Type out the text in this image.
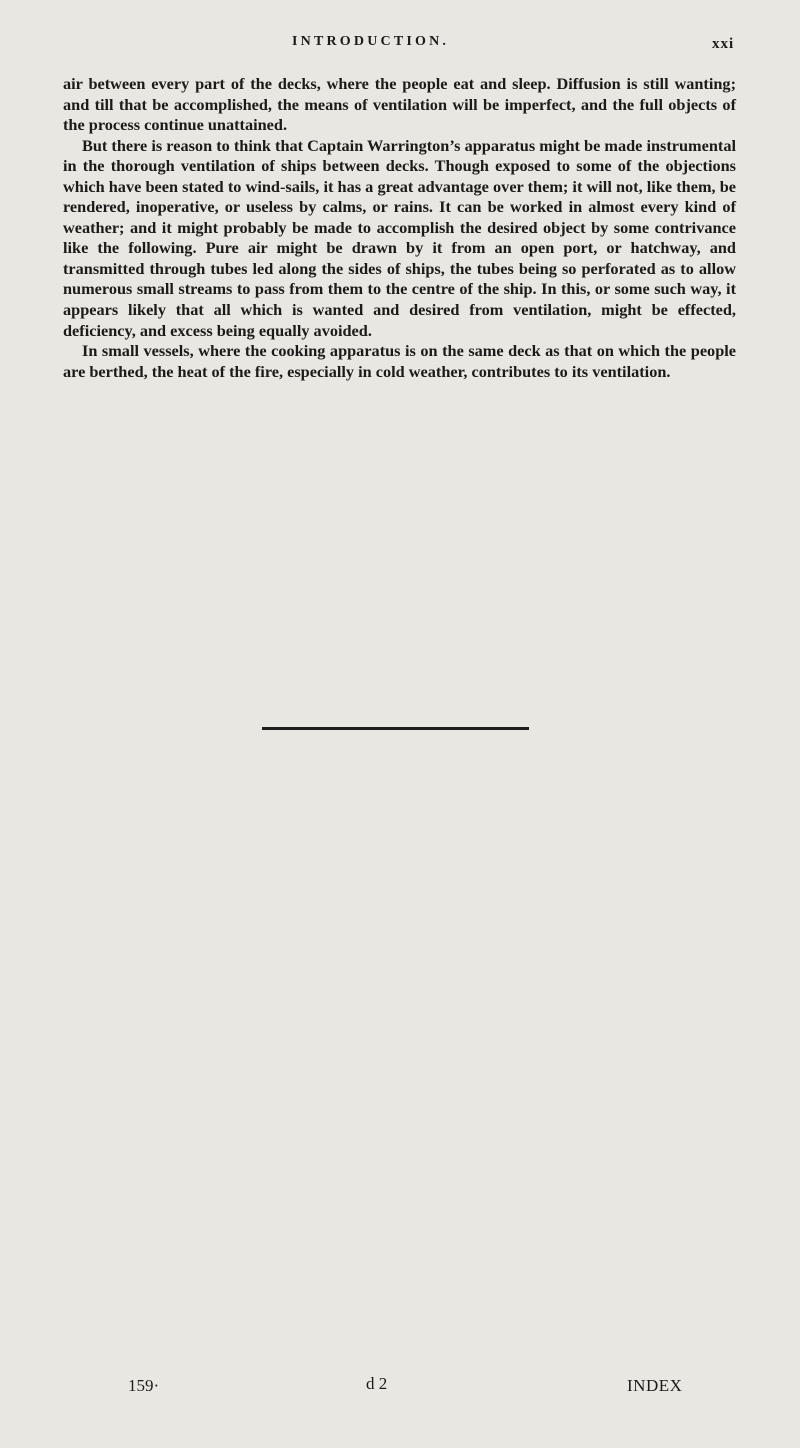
INTRODUCTION.	xxi

air between every part of the decks, where the people eat and sleep. Diffusion is still wanting; and till that be accomplished, the means of ventilation will be imperfect, and the full objects of the process continue unattained.

But there is reason to think that Captain Warrington’s apparatus might be made instrumental in the thorough ventilation of ships between decks. Though exposed to some of the objections which have been stated to wind-sails, it has a great advantage over them; it will not, like them, be rendered, inoperative, or useless by calms, or rains. It can be worked in almost every kind of weather; and it might probably be made to accomplish the desired object by some contrivance like the following. Pure air might be drawn by it from an open port, or hatchway, and transmitted through tubes led along the sides of ships, the tubes being so perforated as to allow numerous small streams to pass from them to the centre of the ship. In this, or some such way, it appears likely that all which is wanted and desired from ventilation, might be effected, deficiency, and excess being equally avoided.

In small vessels, where the cooking apparatus is on the same deck as that on which the people are berthed, the heat of the fire, especially in cold weather, contributes to its ventilation.

159·	d 2	INDEX
